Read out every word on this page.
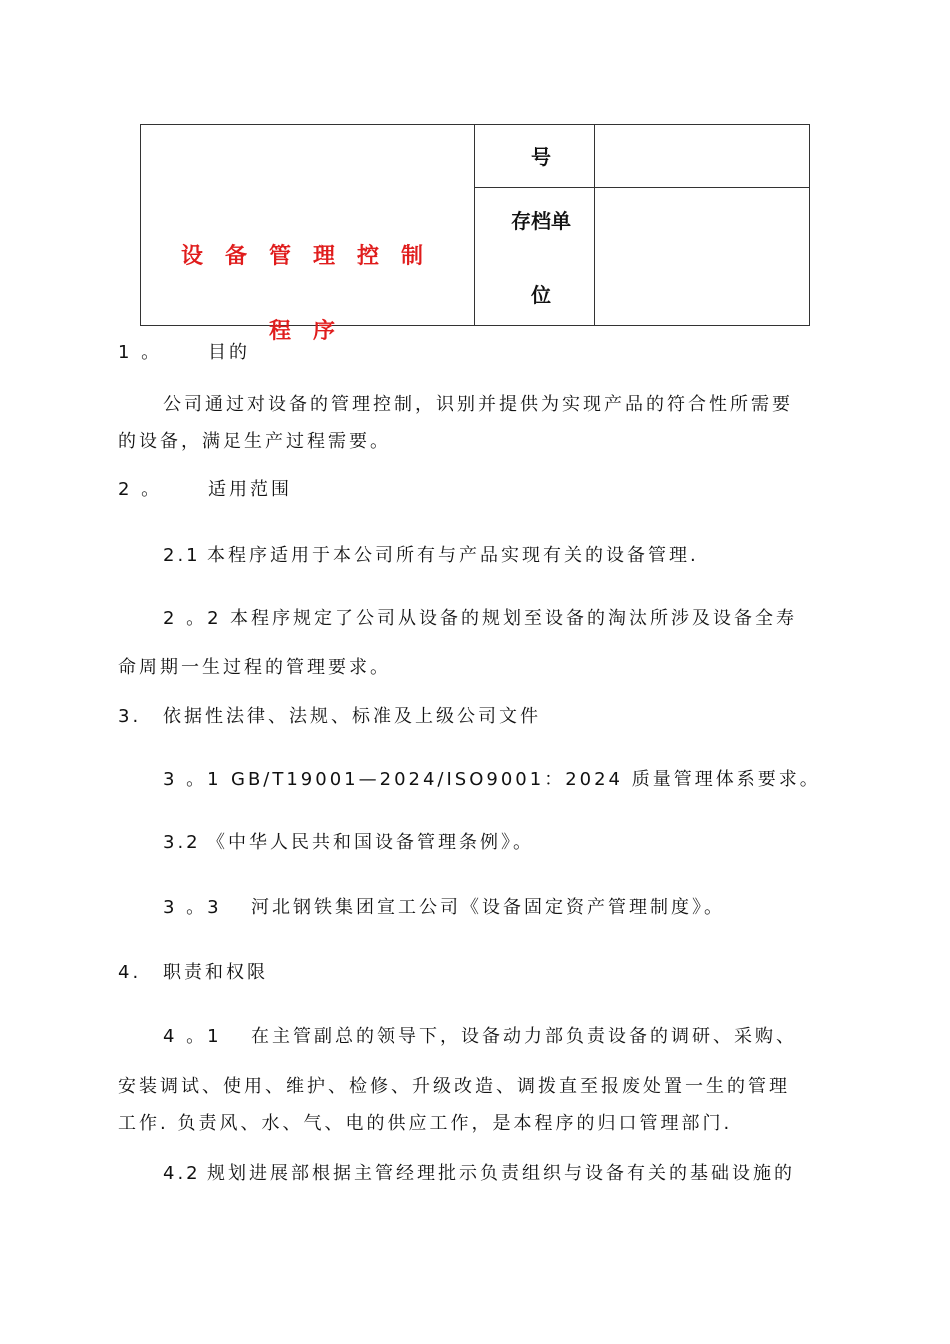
号
存档单
位
设备管理控制
程序
1 。	目的
公司通过对设备的管理控制，识别并提供为实现产品的符合性所需要
的设备，满足生产过程需要。
2 。	适用范围
2.1 本程序适用于本公司所有与产品实现有关的设备管理.
2 。2 本程序规定了公司从设备的规划至设备的淘汰所涉及设备全寿
命周期一生过程的管理要求。
3. 依据性法律、法规、标准及上级公司文件
3 。1 GB/T19001—2024/ISO9001：2024 质量管理体系要求。
3.2 《中华人民共和国设备管理条例》。
3 。3 河北钢铁集团宣工公司《设备固定资产管理制度》。
4. 职责和权限
4 。1 在主管副总的领导下，设备动力部负责设备的调研、采购、
安装调试、使用、维护、检修、升级改造、调拨直至报废处置一生的管理
工作. 负责风、水、气、电的供应工作，是本程序的归口管理部门.
4.2 规划进展部根据主管经理批示负责组织与设备有关的基础设施的
